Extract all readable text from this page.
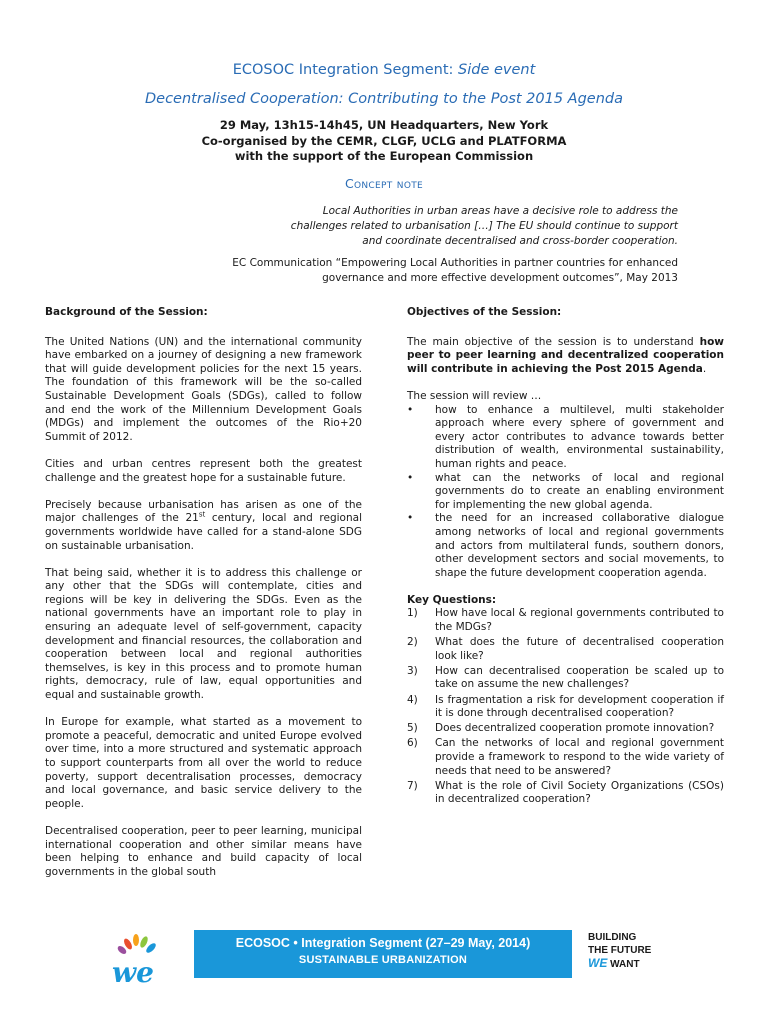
ECOSOC Integration Segment: Side event
Decentralised Cooperation: Contributing to the Post 2015 Agenda
29 May, 13h15-14h45, UN Headquarters, New York
Co-organised by the CEMR, CLGF, UCLG and PLATFORMA
with the support of the European Commission
Concept note
Local Authorities in urban areas have a decisive role to address the
challenges related to urbanisation […] The EU should continue to support
and coordinate decentralised and cross-border cooperation.
EC Communication “Empowering Local Authorities in partner countries for enhanced
governance and more effective development outcomes”, May 2013
Background of the Session:

The United Nations (UN) and the international community have embarked on a journey of designing a new framework that will guide development policies for the next 15 years. The foundation of this framework will be the so-called Sustainable Development Goals (SDGs), called to follow and end the work of the Millennium Development Goals (MDGs) and implement the outcomes of the Rio+20 Summit of 2012.

Cities and urban centres represent both the greatest challenge and the greatest hope for a sustainable future.

Precisely because urbanisation has arisen as one of the major challenges of the 21st century, local and regional governments worldwide have called for a stand-alone SDG on sustainable urbanisation.

That being said, whether it is to address this challenge or any other that the SDGs will contemplate, cities and regions will be key in delivering the SDGs. Even as the national governments have an important role to play in ensuring an adequate level of self-government, capacity development and financial resources, the collaboration and cooperation between local and regional authorities themselves, is key in this process and to promote human rights, democracy, rule of law, equal opportunities and equal and sustainable growth.

In Europe for example, what started as a movement to promote a peaceful, democratic and united Europe evolved over time, into a more structured and systematic approach to support counterparts from all over the world to reduce poverty, support decentralisation processes, democracy and local governance, and basic service delivery to the people.

Decentralised cooperation, peer to peer learning, municipal international cooperation and other similar means have been helping to enhance and build capacity of local governments in the global south

Objectives of the Session:

The main objective of the session is to understand how peer to peer learning and decentralized cooperation will contribute in achieving the Post 2015 Agenda.

The session will review …
• how to enhance a multilevel, multi stakeholder approach where every sphere of government and every actor contributes to advance towards better distribution of wealth, environmental sustainability, human rights and peace.
• what can the networks of local and regional governments do to create an enabling environment for implementing the new global agenda.
• the need for an increased collaborative dialogue among networks of local and regional governments and actors from multilateral funds, southern donors, other development sectors and social movements, to shape the future development cooperation agenda.
Key Questions:
1) How have local & regional governments contributed to the MDGs?
2) What does the future of decentralised cooperation look like?
3) How can decentralised cooperation be scaled up to take on assume the new challenges?
4) Is fragmentation a risk for development cooperation if it is done through decentralised cooperation?
5) Does decentralized cooperation promote innovation?
6) Can the networks of local and regional government provide a framework to respond to the wide variety of needs that need to be answered?
7) What is the role of Civil Society Organizations (CSOs) in decentralized cooperation?
we
ECOSOC • Integration Segment (27–29 May, 2014)
SUSTAINABLE URBANIZATION
BUILDING
THE FUTURE
WE WANT
